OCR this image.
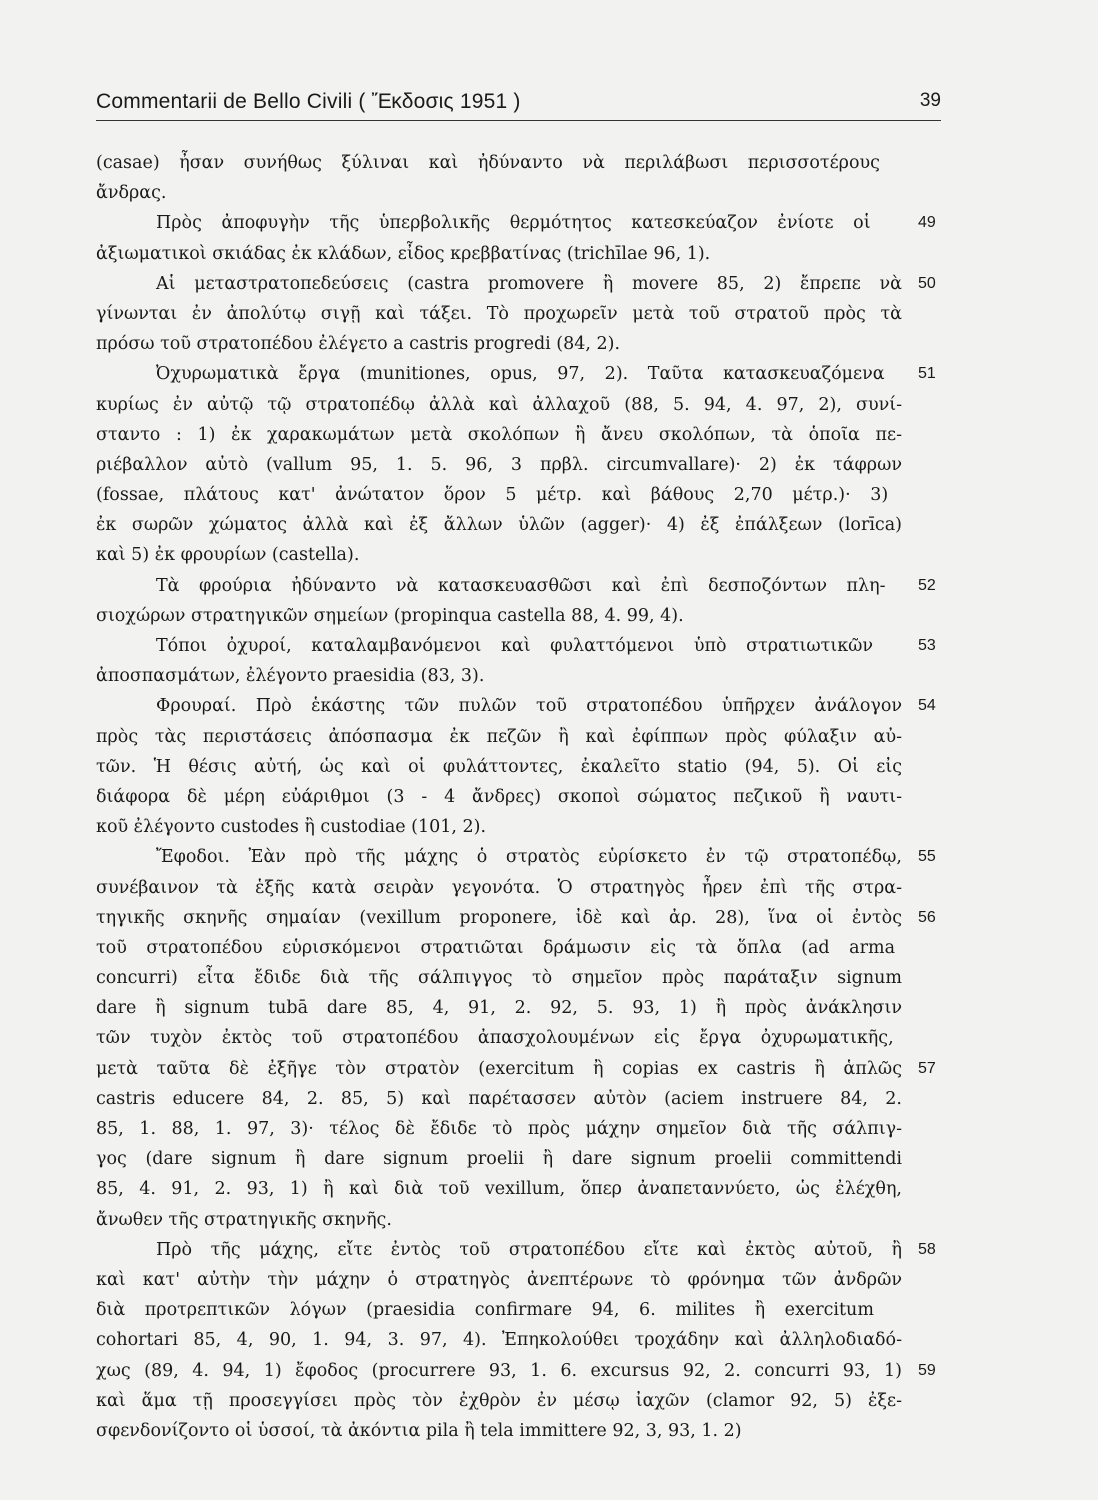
Commentarii de Bello Civili ( Ἔκδοσις 1951 )	39
(casae) ἦσαν συνήθως ξύλιναι καὶ ἠδύναντο νὰ περιλάβωσι περισσοτέρους
ἄνδρας.
Πρὸς ἀποφυγὴν τῆς ὑπερβολικῆς θερμότητος κατεσκεύαζον ἐνίοτε οἱ	49
ἀξιωματικοὶ σκιάδας ἐκ κλάδων, εἶδος κρεββατίνας (trichīlae 96, 1).
Αἱ μεταστρατοπεδεύσεις (castra promovere ἢ movere 85, 2) ἔπρεπε νὰ 50
γίνωνται ἐν ἀπολύτῳ σιγῇ καὶ τάξει. Τὸ προχωρεῖν μετὰ τοῦ στρατοῦ πρὸς τὰ
πρόσω τοῦ στρατοπέδου ἐλέγετο a castris progredi (84, 2).
Ὀχυρωματικὰ ἔργα (munitiones, opus, 97, 2). Ταῦτα κατασκευαζόμενα 51
κυρίως ἐν αὐτῷ τῷ στρατοπέδῳ ἀλλὰ καὶ ἀλλαχοῦ (88, 5. 94, 4. 97, 2), συνί-
σταντο : 1) ἐκ χαρακωμάτων μετὰ σκολόπων ἢ ἄνευ σκολόπων, τὰ ὁποῖα πε-
ριέβαλλον αὐτὸ (vallum 95, 1. 5. 96, 3 πρβλ. circumvallare)· 2) ἐκ τάφρων
(fossae, πλάτους κατ' ἀνώτατον ὅρον 5 μέτρ. καὶ βάθους 2,70 μέτρ.)· 3)
ἐκ σωρῶν χώματος ἀλλὰ καὶ ἐξ ἄλλων ὑλῶν (agger)· 4) ἐξ ἐπάλξεων (lorīca)
καὶ 5) ἐκ φρουρίων (castella).
Τὰ φρούρια ἠδύναντο νὰ κατασκευασθῶσι καὶ ἐπὶ δεσποζόντων πλη- 52
σιοχώρων στρατηγικῶν σημείων (propinqua castella 88, 4. 99, 4).
Τόποι ὀχυροί, καταλαμβανόμενοι καὶ φυλαττόμενοι ὑπὸ στρατιωτικῶν	53
ἀποσπασμάτων, ἐλέγοντο praesidia (83, 3).
Φρουραί. Πρὸ ἑκάστης τῶν πυλῶν τοῦ στρατοπέδου ὑπῆρχεν ἀνάλογον 54
πρὸς τὰς περιστάσεις ἀπόσπασμα ἐκ πεζῶν ἢ καὶ ἐφίππων πρὸς φύλαξιν αὐ-
τῶν. Ἡ θέσις αὐτή, ὡς καὶ οἱ φυλάττοντες, ἐκαλεῖτο statio (94, 5). Οἱ εἰς
διάφορα δὲ μέρη εὐάριθμοι (3 - 4 ἄνδρες) σκοποὶ σώματος πεζικοῦ ἢ ναυτι-
κοῦ ἐλέγοντο custodes ἢ custodiae (101, 2).
Ἔφοδοι. Ἐὰν πρὸ τῆς μάχης ὁ στρατὸς εὑρίσκετο ἐν τῷ στρατοπέδῳ, 55
συνέβαινον τὰ ἑξῆς κατὰ σειρὰν γεγονότα. Ὁ στρατηγὸς ἦρεν ἐπὶ τῆς στρα-
τηγικῆς σκηνῆς σημαίαν (vexillum proponere, ἰδὲ καὶ ἀρ. 28), ἵνα οἱ ἐντὸς 56
τοῦ στρατοπέδου εὑρισκόμενοι στρατιῶται δράμωσιν εἰς τὰ ὅπλα (ad arma
concurri) εἶτα ἔδιδε διὰ τῆς σάλπιγγος τὸ σημεῖον πρὸς παράταξιν signum
dare ἢ signum tubā dare 85, 4, 91, 2. 92, 5. 93, 1) ἢ πρὸς ἀνάκλησιν
τῶν τυχὸν ἐκτὸς τοῦ στρατοπέδου ἀπασχολουμένων εἰς ἔργα ὀχυρωματικῆς,
μετὰ ταῦτα δὲ ἐξῆγε τὸν στρατὸν (exercitum ἢ copias ex castris ἢ ἁπλῶς 57
castris educere 84, 2. 85, 5) καὶ παρέτασσεν αὐτὸν (aciem instruere 84, 2.
85, 1. 88, 1. 97, 3)· τέλος δὲ ἔδιδε τὸ πρὸς μάχην σημεῖον διὰ τῆς σάλπιγ-
γος (dare signum ἢ dare signum proelii ἢ dare signum proelii committendi
85, 4. 91, 2. 93, 1) ἢ καὶ διὰ τοῦ vexillum, ὅπερ ἀναπεταννύετο, ὡς ἐλέχθη,
ἄνωθεν τῆς στρατηγικῆς σκηνῆς.
Πρὸ τῆς μάχης, εἴτε ἐντὸς τοῦ στρατοπέδου εἴτε καὶ ἐκτὸς αὐτοῦ, ἢ 58
καὶ κατ' αὐτὴν τὴν μάχην ὁ στρατηγὸς ἀνεπτέρωνε τὸ φρόνημα τῶν ἀνδρῶν
διὰ προτρεπτικῶν λόγων (praesidia confirmare 94, 6. milites ἢ exercitum
cohortari 85, 4, 90, 1. 94, 3. 97, 4). Ἐπηκολούθει τροχάδην καὶ ἀλληλοδιαδό-
χως (89, 4. 94, 1) ἔφοδος (procurrere 93, 1. 6. excursus 92, 2. concurri 93, 1) 59
καὶ ἅμα τῇ προσεγγίσει πρὸς τὸν ἐχθρὸν ἐν μέσῳ ἰαχῶν (clamor 92, 5) ἐξε-
σφενδονίζοντο οἱ ὑσσοί, τὰ ἀκόντια pila ἢ tela immittere 92, 3, 93, 1. 2)
